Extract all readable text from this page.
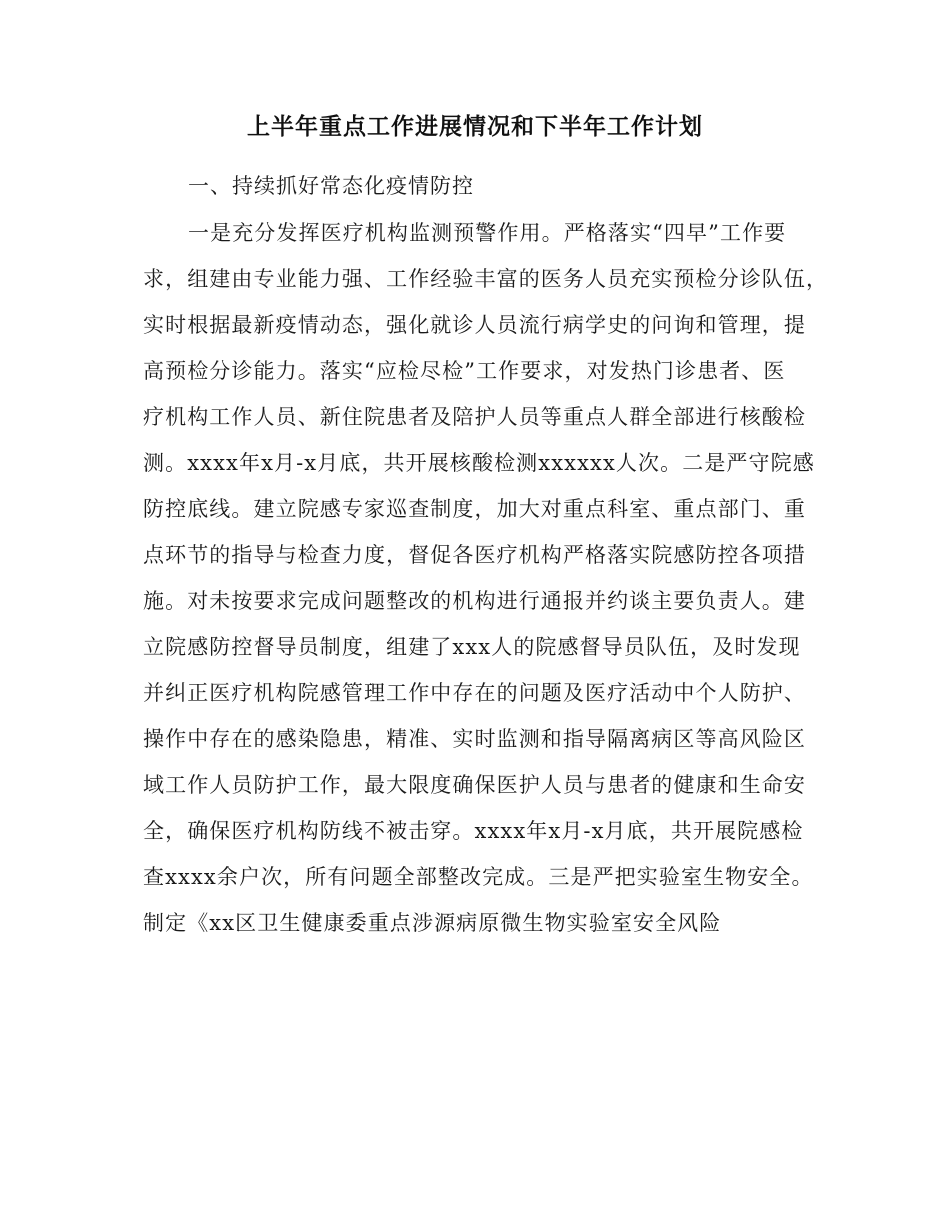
上半年重点工作进展情况和下半年工作计划
一、持续抓好常态化疫情防控
一是充分发挥医疗机构监测预警作用。严格落实“四早”工作要
求，组建由专业能力强、工作经验丰富的医务人员充实预检分诊队伍，
实时根据最新疫情动态，强化就诊人员流行病学史的问询和管理，提
高预检分诊能力。落实“应检尽检”工作要求，对发热门诊患者、医
疗机构工作人员、新住院患者及陪护人员等重点人群全部进行核酸检
测。xxxx年x月-x月底，共开展核酸检测xxxxxx人次。二是严守院感
防控底线。建立院感专家巡查制度，加大对重点科室、重点部门、重
点环节的指导与检查力度，督促各医疗机构严格落实院感防控各项措
施。对未按要求完成问题整改的机构进行通报并约谈主要负责人。建
立院感防控督导员制度，组建了xxx人的院感督导员队伍，及时发现
并纠正医疗机构院感管理工作中存在的问题及医疗活动中个人防护、
操作中存在的感染隐患，精准、实时监测和指导隔离病区等高风险区
域工作人员防护工作，最大限度确保医护人员与患者的健康和生命安
全，确保医疗机构防线不被击穿。xxxx年x月-x月底，共开展院感检
查xxxx余户次，所有问题全部整改完成。三是严把实验室生物安全。
制定《xx区卫生健康委重点涉源病原微生物实验室安全风险
